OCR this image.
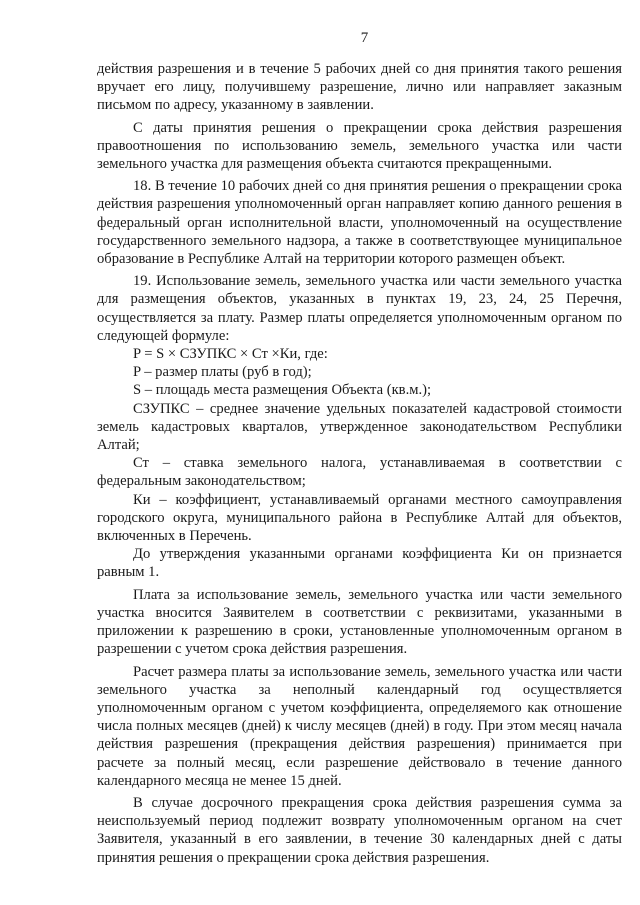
7

действия разрешения и в течение 5 рабочих дней со дня принятия такого решения вручает его лицу, получившему разрешение, лично или направляет заказным письмом по адресу, указанному в заявлении.

С даты принятия решения о прекращении срока действия разрешения правоотношения по использованию земель, земельного участка или части земельного участка для размещения объекта считаются прекращенными.

18. В течение 10 рабочих дней со дня принятия решения о прекращении срока действия разрешения уполномоченный орган направляет копию данного решения в федеральный орган исполнительной власти, уполномоченный на осуществление государственного земельного надзора, а также в соответствующее муниципальное образование в Республике Алтай на территории которого размещен объект.

19. Использование земель, земельного участка или части земельного участка для размещения объектов, указанных в пунктах 19, 23, 24, 25 Перечня, осуществляется за плату. Размер платы определяется уполномоченным органом по следующей формуле:

P = S × СЗУПКС × Ст ×Ки, где:

P – размер платы (руб в год);

S – площадь места размещения Объекта (кв.м.);

СЗУПКС – среднее значение удельных показателей кадастровой стоимости земель кадастровых кварталов, утвержденное законодательством Республики Алтай;

Ст – ставка земельного налога, устанавливаемая в соответствии с федеральным законодательством;

Ки – коэффициент, устанавливаемый органами местного самоуправления городского округа, муниципального района в Республике Алтай для объектов, включенных в Перечень.

До утверждения указанными органами коэффициента Ки он признается равным 1.

Плата за использование земель, земельного участка или части земельного участка вносится Заявителем в соответствии с реквизитами, указанными в приложении к разрешению в сроки, установленные уполномоченным органом в разрешении с учетом срока действия разрешения.

Расчет размера платы за использование земель, земельного участка или части земельного участка за неполный календарный год осуществляется уполномоченным органом с учетом коэффициента, определяемого как отношение числа полных месяцев (дней) к числу месяцев (дней) в году. При этом месяц начала действия разрешения (прекращения действия разрешения) принимается при расчете за полный месяц, если разрешение действовало в течение данного календарного месяца не менее 15 дней.

В случае досрочного прекращения срока действия разрешения сумма за неиспользуемый период подлежит возврату уполномоченным органом на счет Заявителя, указанный в его заявлении, в течение 30 календарных дней с даты принятия решения о прекращении срока действия разрешения.
